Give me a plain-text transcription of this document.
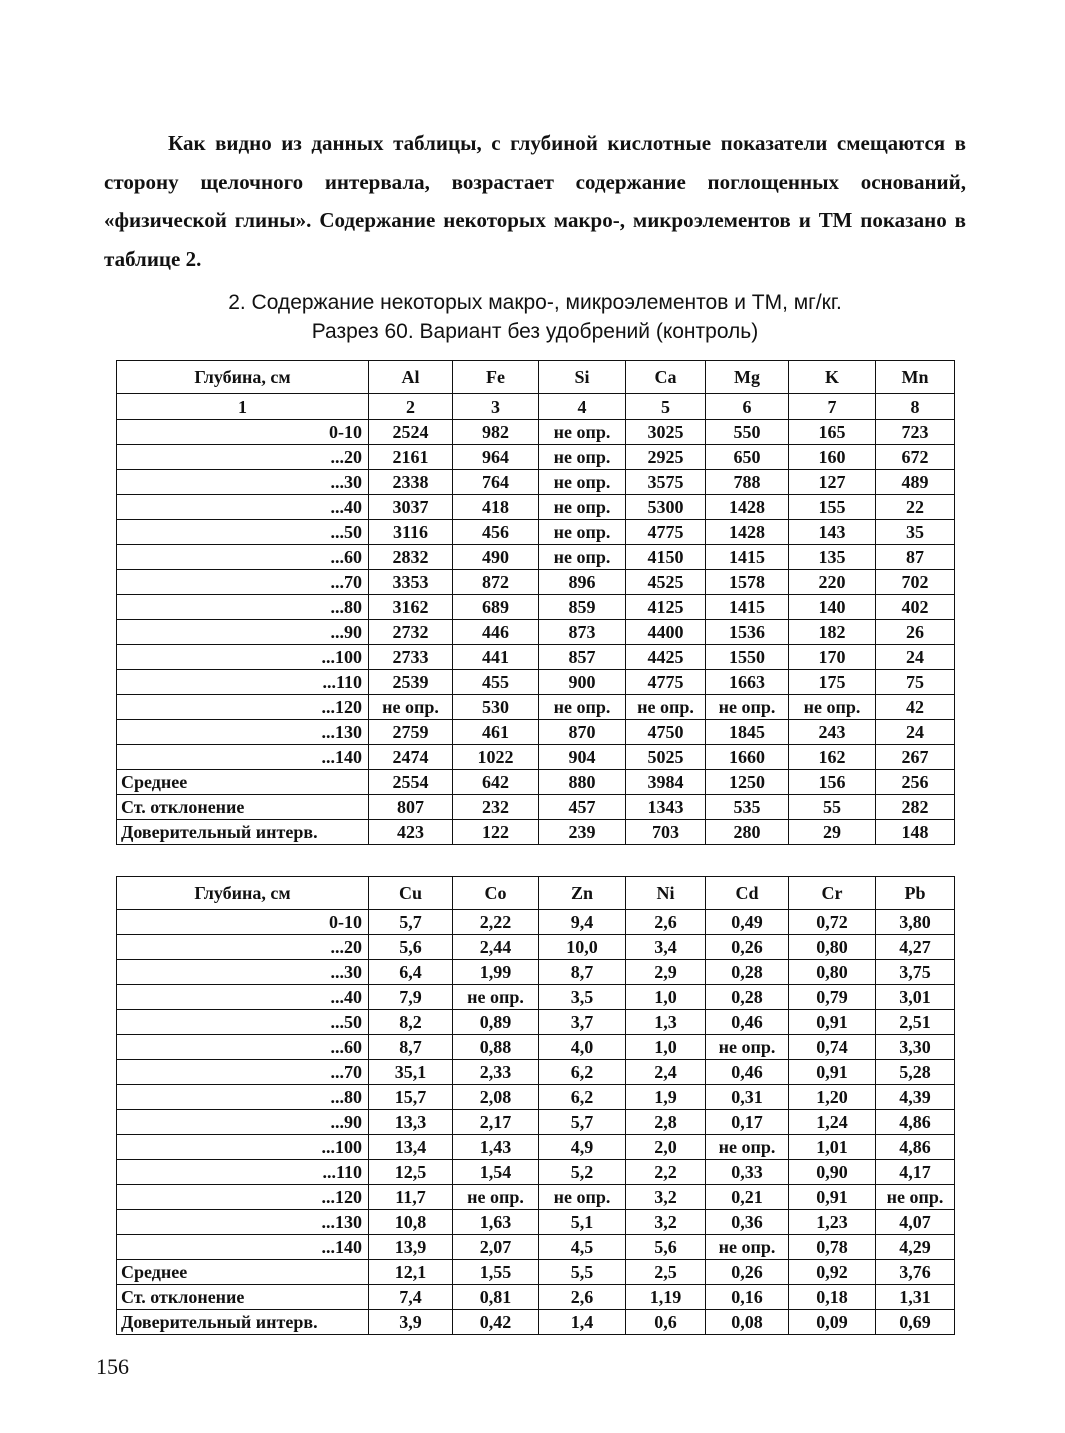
Как видно из данных таблицы, с глубиной кислотные показатели смещаются в сторону щелочного интервала, возрастает содержание поглощенных оснований, «физической глины». Содержание некоторых макро-, микроэлементов и ТМ показано в таблице 2.

2. Содержание некоторых макро-, микроэлементов и ТМ, мг/кг.

Разрез 60. Вариант без удобрений (контроль)

Глубина, см	Al	Fe	Si	Ca	Mg	K	Mn
1	2	3	4	5	6	7	8
0-10	2524	982	не опр.	3025	550	165	723
...20	2161	964	не опр.	2925	650	160	672
...30	2338	764	не опр.	3575	788	127	489
...40	3037	418	не опр.	5300	1428	155	22
...50	3116	456	не опр.	4775	1428	143	35
...60	2832	490	не опр.	4150	1415	135	87
...70	3353	872	896	4525	1578	220	702
...80	3162	689	859	4125	1415	140	402
...90	2732	446	873	4400	1536	182	26
...100	2733	441	857	4425	1550	170	24
...110	2539	455	900	4775	1663	175	75
...120	не опр.	530	не опр.	не опр.	не опр.	не опр.	42
...130	2759	461	870	4750	1845	243	24
...140	2474	1022	904	5025	1660	162	267
Среднее	2554	642	880	3984	1250	156	256
Ст. отклонение	807	232	457	1343	535	55	282
Доверительный интерв.	423	122	239	703	280	29	148
Глубина, см	Cu	Co	Zn	Ni	Cd	Cr	Pb
0-10	5,7	2,22	9,4	2,6	0,49	0,72	3,80
...20	5,6	2,44	10,0	3,4	0,26	0,80	4,27
...30	6,4	1,99	8,7	2,9	0,28	0,80	3,75
...40	7,9	не опр.	3,5	1,0	0,28	0,79	3,01
...50	8,2	0,89	3,7	1,3	0,46	0,91	2,51
...60	8,7	0,88	4,0	1,0	не опр.	0,74	3,30
...70	35,1	2,33	6,2	2,4	0,46	0,91	5,28
...80	15,7	2,08	6,2	1,9	0,31	1,20	4,39
...90	13,3	2,17	5,7	2,8	0,17	1,24	4,86
...100	13,4	1,43	4,9	2,0	не опр.	1,01	4,86
...110	12,5	1,54	5,2	2,2	0,33	0,90	4,17
...120	11,7	не опр.	не опр.	3,2	0,21	0,91	не опр.
...130	10,8	1,63	5,1	3,2	0,36	1,23	4,07
...140	13,9	2,07	4,5	5,6	не опр.	0,78	4,29
Среднее	12,1	1,55	5,5	2,5	0,26	0,92	3,76
Ст. отклонение	7,4	0,81	2,6	1,19	0,16	0,18	1,31
Доверительный интерв.	3,9	0,42	1,4	0,6	0,08	0,09	0,69

156
